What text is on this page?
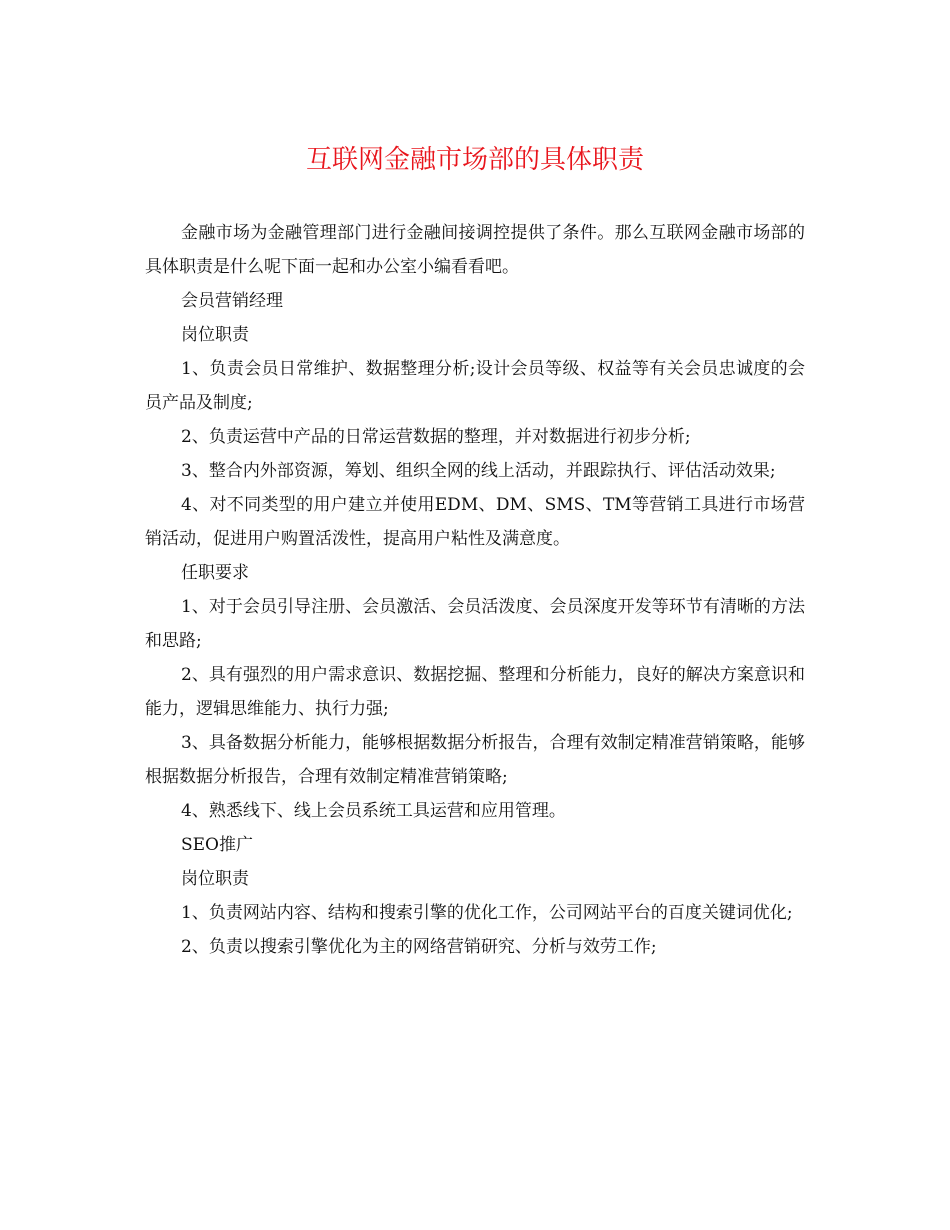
互联网金融市场部的具体职责

金融市场为金融管理部门进行金融间接调控提供了条件。那么互联网金融市场部的具体职责是什么呢下面一起和办公室小编看看吧。

会员营销经理

岗位职责

1、负责会员日常维护、数据整理分析;设计会员等级、权益等有关会员忠诚度的会员产品及制度;

2、负责运营中产品的日常运营数据的整理，并对数据进行初步分析;

3、整合内外部资源，筹划、组织全网的线上活动，并跟踪执行、评估活动效果;

4、对不同类型的用户建立并使用EDM、DM、SMS、TM等营销工具进行市场营销活动，促进用户购置活泼性，提高用户粘性及满意度。

任职要求

1、对于会员引导注册、会员激活、会员活泼度、会员深度开发等环节有清晰的方法和思路;

2、具有强烈的用户需求意识、数据挖掘、整理和分析能力，良好的解决方案意识和能力，逻辑思维能力、执行力强;

3、具备数据分析能力，能够根据数据分析报告，合理有效制定精准营销策略，能够根据数据分析报告，合理有效制定精准营销策略;

4、熟悉线下、线上会员系统工具运营和应用管理。

SEO推广

岗位职责

1、负责网站内容、结构和搜索引擎的优化工作，公司网站平台的百度关键词优化;

2、负责以搜索引擎优化为主的网络营销研究、分析与效劳工作;
